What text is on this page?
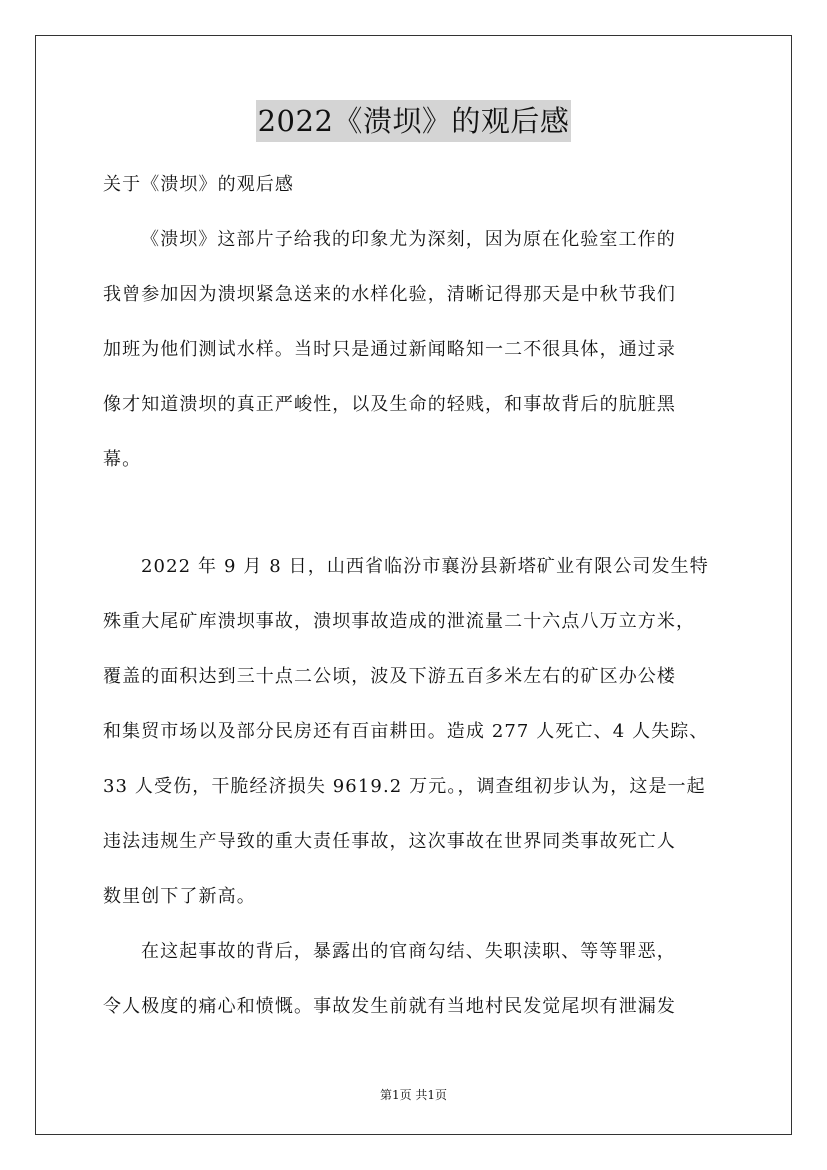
2022《溃坝》的观后感
关于《溃坝》的观后感
《溃坝》这部片子给我的印象尤为深刻，因为原在化验室工作的
我曾参加因为溃坝紧急送来的水样化验，清晰记得那天是中秋节我们
加班为他们测试水样。当时只是通过新闻略知一二不很具体，通过录
像才知道溃坝的真正严峻性，以及生命的轻贱，和事故背后的肮脏黑
幕。
2022 年 9 月 8 日，山西省临汾市襄汾县新塔矿业有限公司发生特
殊重大尾矿库溃坝事故，溃坝事故造成的泄流量二十六点八万立方米，
覆盖的面积达到三十点二公顷，波及下游五百多米左右的矿区办公楼
和集贸市场以及部分民房还有百亩耕田。造成 277 人死亡、4 人失踪、
33 人受伤，干脆经济损失 9619.2 万元。，调查组初步认为，这是一起
违法违规生产导致的重大责任事故，这次事故在世界同类事故死亡人
数里创下了新高。
在这起事故的背后，暴露出的官商勾结、失职渎职、等等罪恶，
令人极度的痛心和愤慨。事故发生前就有当地村民发觉尾坝有泄漏发
第1页 共1页
